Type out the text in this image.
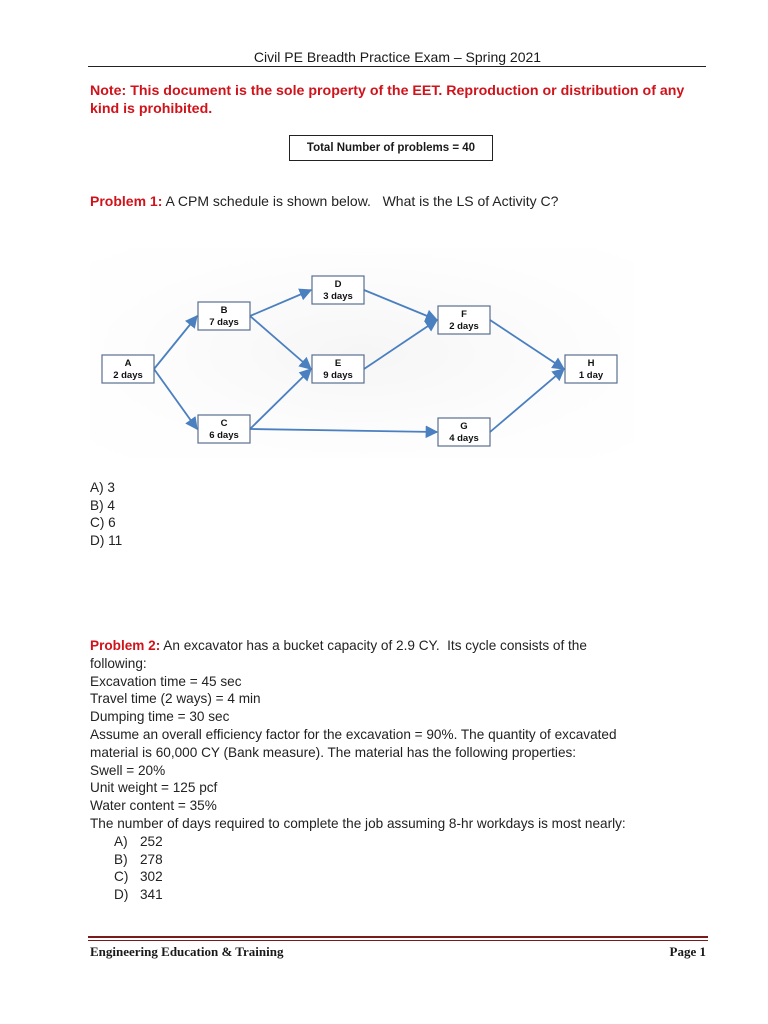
Civil PE Breadth Practice Exam – Spring 2021
Note: This document is the sole property of the EET. Reproduction or distribution of any kind is prohibited.
Total Number of problems = 40
Problem 1: A CPM schedule is shown below.   What is the LS of Activity C?
A
2 days
B
7 days
C
6 days
D
3 days
E
9 days
F
2 days
G
4 days
H
1 day
A) 3
B) 4
C) 6
D) 11
Problem 2: An excavator has a bucket capacity of 2.9 CY.  Its cycle consists of the
following:
Excavation time = 45 sec
Travel time (2 ways) = 4 min
Dumping time = 30 sec
Assume an overall efficiency factor for the excavation = 90%. The quantity of excavated
material is 60,000 CY (Bank measure). The material has the following properties:
Swell = 20%
Unit weight = 125 pcf
Water content = 35%
The number of days required to complete the job assuming 8-hr workdays is most nearly:
A) 252
B) 278
C) 302
D) 341
Engineering Education & Training	Page 1
